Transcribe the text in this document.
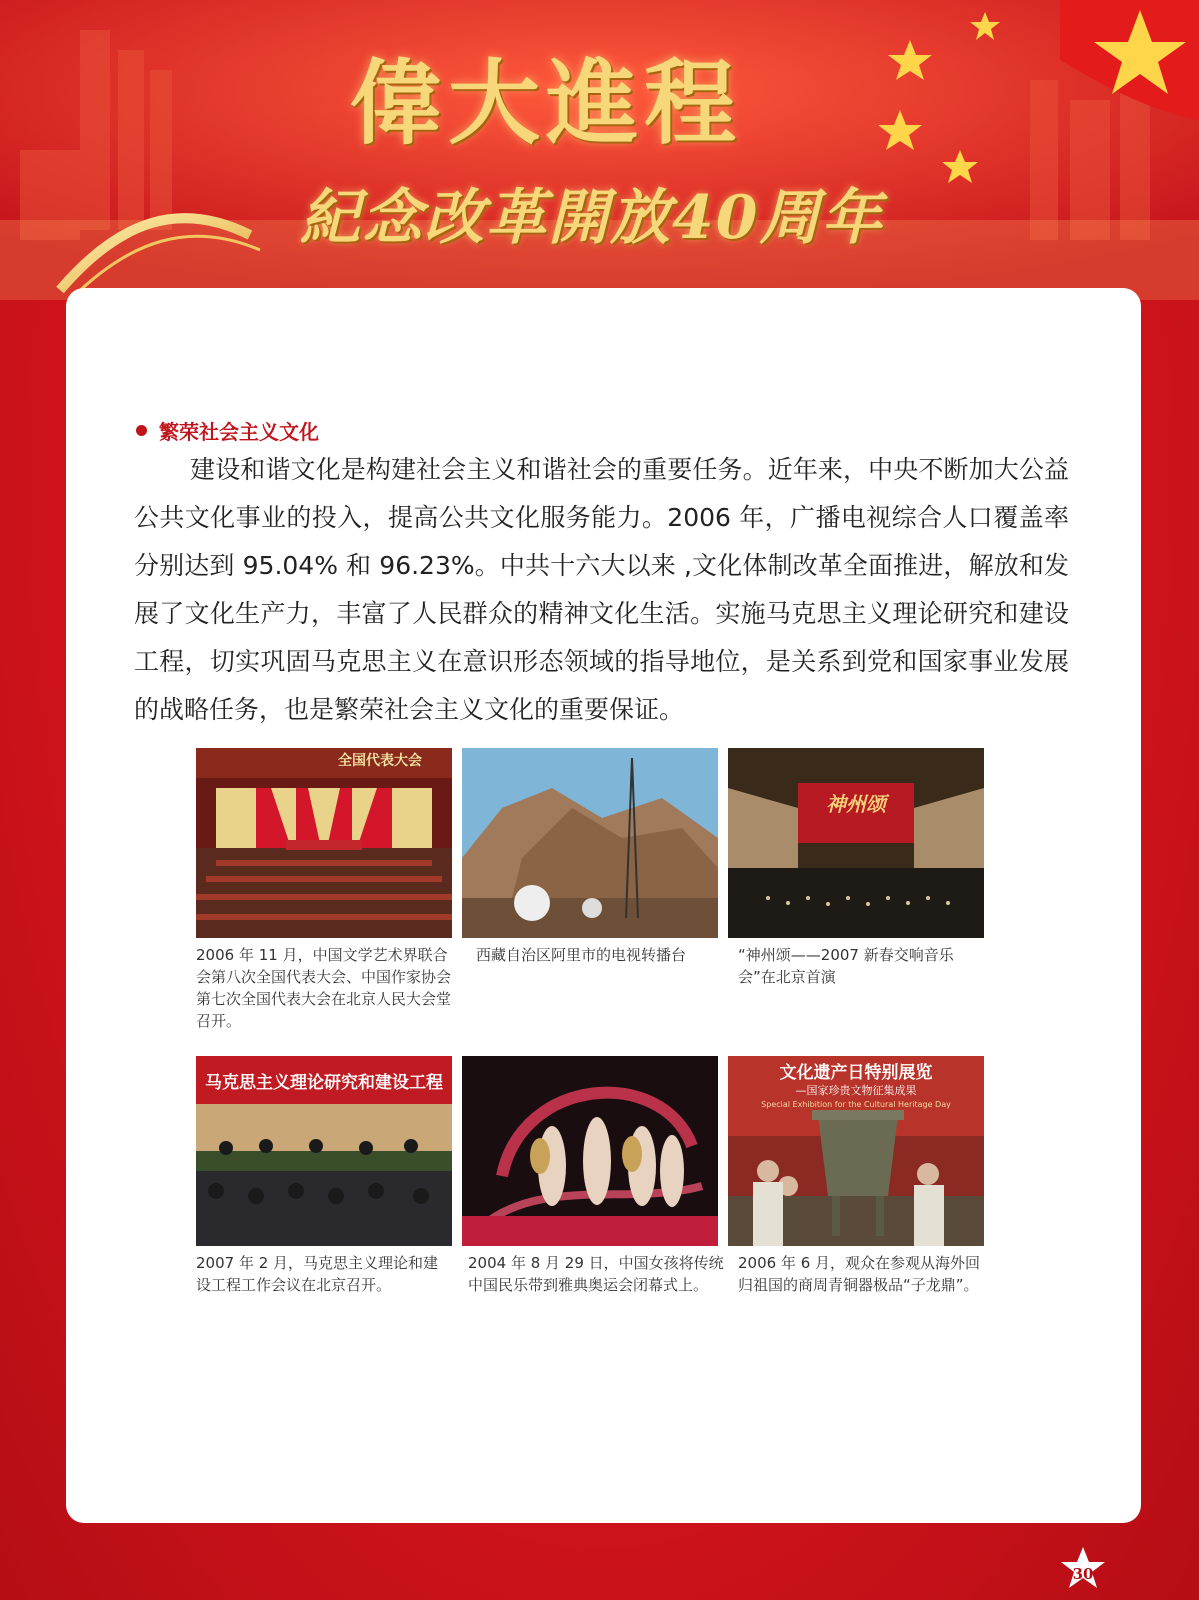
偉大進程
紀念改革開放40周年
繁荣社会主义文化
建设和谐文化是构建社会主义和谐社会的重要任务。近年来，中央不断加大公益公共文化事业的投入，提高公共文化服务能力。2006 年，广播电视综合人口覆盖率分别达到 95.04% 和 96.23%。中共十六大以来 ,文化体制改革全面推进，解放和发展了文化生产力，丰富了人民群众的精神文化生活。实施马克思主义理论研究和建设工程，切实巩固马克思主义在意识形态领域的指导地位，是关系到党和国家事业发展的战略任务，也是繁荣社会主义文化的重要保证。
全国代表大会
2006 年 11 月，中国文学艺术界联合会第八次全国代表大会、中国作家协会第七次全国代表大会在北京人民大会堂召开。
西藏自治区阿里市的电视转播台
神州颂
“神州颂——2007 新春交响音乐会”在北京首演
马克思主义理论研究和建设工程
2007 年 2 月，马克思主义理论和建设工程工作会议在北京召开。
2004 年 8 月 29 日，中国女孩将传统中国民乐带到雅典奥运会闭幕式上。
文化遗产日特别展览
—国家珍贵文物征集成果
Special Exhibition for the Cultural Heritage Day
2006 年 6 月，观众在参观从海外回归祖国的商周青铜器极品“子龙鼎”。
30
